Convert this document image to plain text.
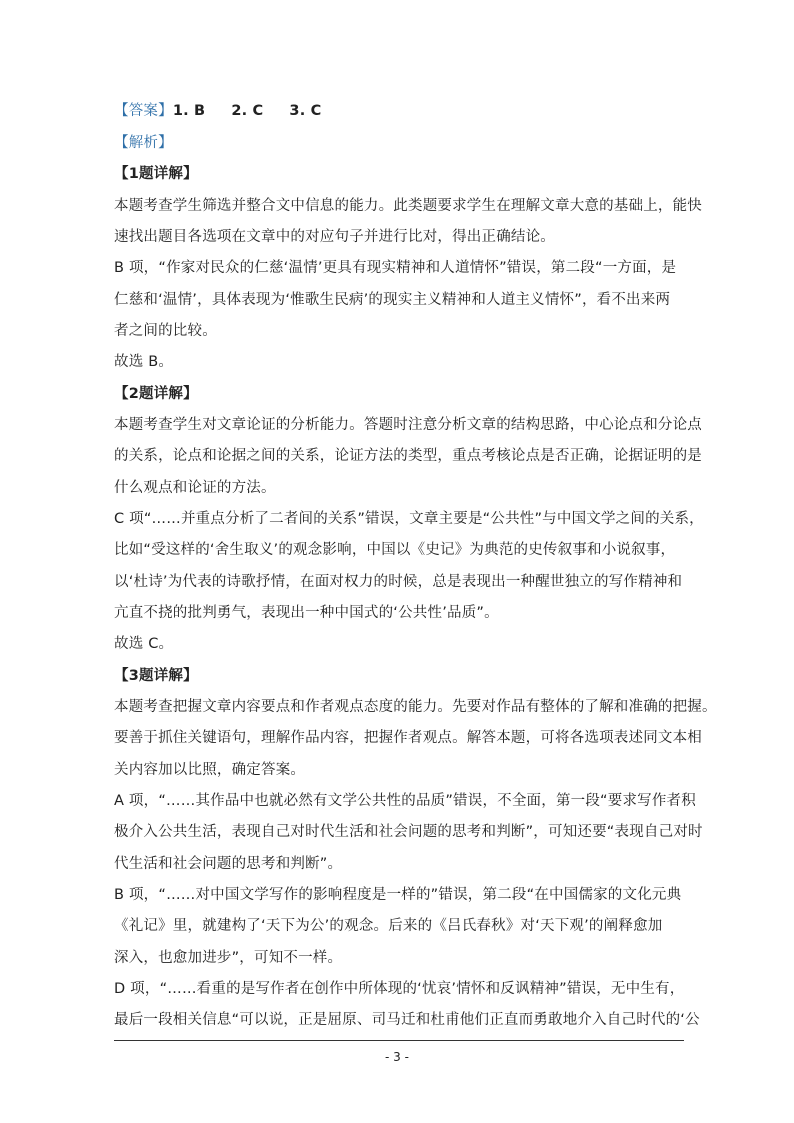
【答案】1. B 2. C 3. C
【解析】
【1题详解】
本题考查学生筛选并整合文中信息的能力。此类题要求学生在理解文章大意的基础上，能快
速找出题目各选项在文章中的对应句子并进行比对，得出正确结论。
B 项，“作家对民众的仁慈‘温情’更具有现实精神和人道情怀”错误，第二段“一方面，是
仁慈和‘温情’，具体表现为‘惟歌生民病’的现实主义精神和人道主义情怀”，看不出来两
者之间的比较。
故选 B。
【2题详解】
本题考查学生对文章论证的分析能力。答题时注意分析文章的结构思路，中心论点和分论点
的关系，论点和论据之间的关系，论证方法的类型，重点考核论点是否正确，论据证明的是
什么观点和论证的方法。
C 项“……并重点分析了二者间的关系”错误，文章主要是“公共性”与中国文学之间的关系，
比如“受这样的‘舍生取义’的观念影响，中国以《史记》为典范的史传叙事和小说叙事，
以‘杜诗’为代表的诗歌抒情，在面对权力的时候，总是表现出一种醒世独立的写作精神和
亢直不挠的批判勇气，表现出一种中国式的‘公共性’品质”。
故选 C。
【3题详解】
本题考查把握文章内容要点和作者观点态度的能力。先要对作品有整体的了解和准确的把握。
要善于抓住关键语句，理解作品内容，把握作者观点。解答本题，可将各选项表述同文本相
关内容加以比照，确定答案。
A 项，“……其作品中也就必然有文学公共性的品质”错误，不全面，第一段“要求写作者积
极介入公共生活，表现自己对时代生活和社会问题的思考和判断”，可知还要“表现自己对时
代生活和社会问题的思考和判断”。
B 项，“……对中国文学写作的影响程度是一样的”错误，第二段“在中国儒家的文化元典
《礼记》里，就建构了‘天下为公’的观念。后来的《吕氏春秋》对‘天下观’的阐释愈加
深入，也愈加进步”，可知不一样。
D 项，“……看重的是写作者在创作中所体现的‘忧哀’情怀和反讽精神”错误，无中生有，
最后一段相关信息“可以说，正是屈原、司马迁和杜甫他们正直而勇敢地介入自己时代的‘公
- 3 -
